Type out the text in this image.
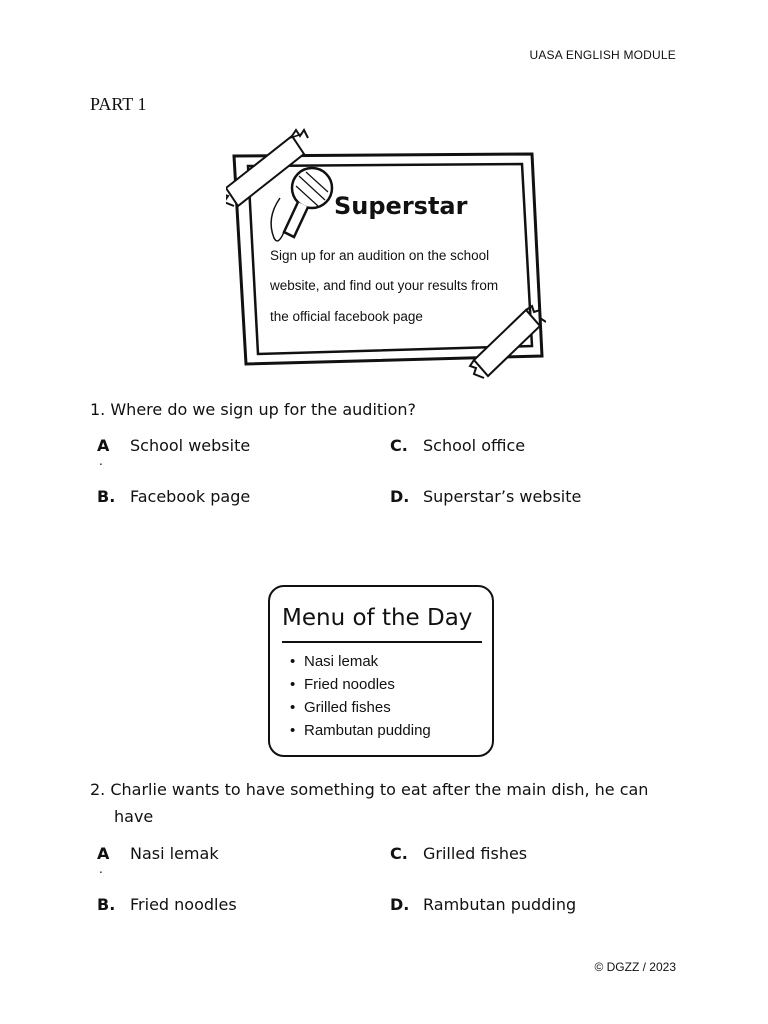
UASA ENGLISH MODULE
PART 1
Superstar
Sign up for an audition on the school
website, and find out your results from
the official facebook page
1. Where do we sign up for the audition?
A School website
.
B. Facebook page
C. School office
D. Superstar’s website
Menu of the Day
• Nasi lemak
• Fried noodles
• Grilled fishes
• Rambutan pudding
2. Charlie wants to have something to eat after the main dish, he can
have
A Nasi lemak
.
B. Fried noodles
C. Grilled fishes
D. Rambutan pudding
© DGZZ / 2023
